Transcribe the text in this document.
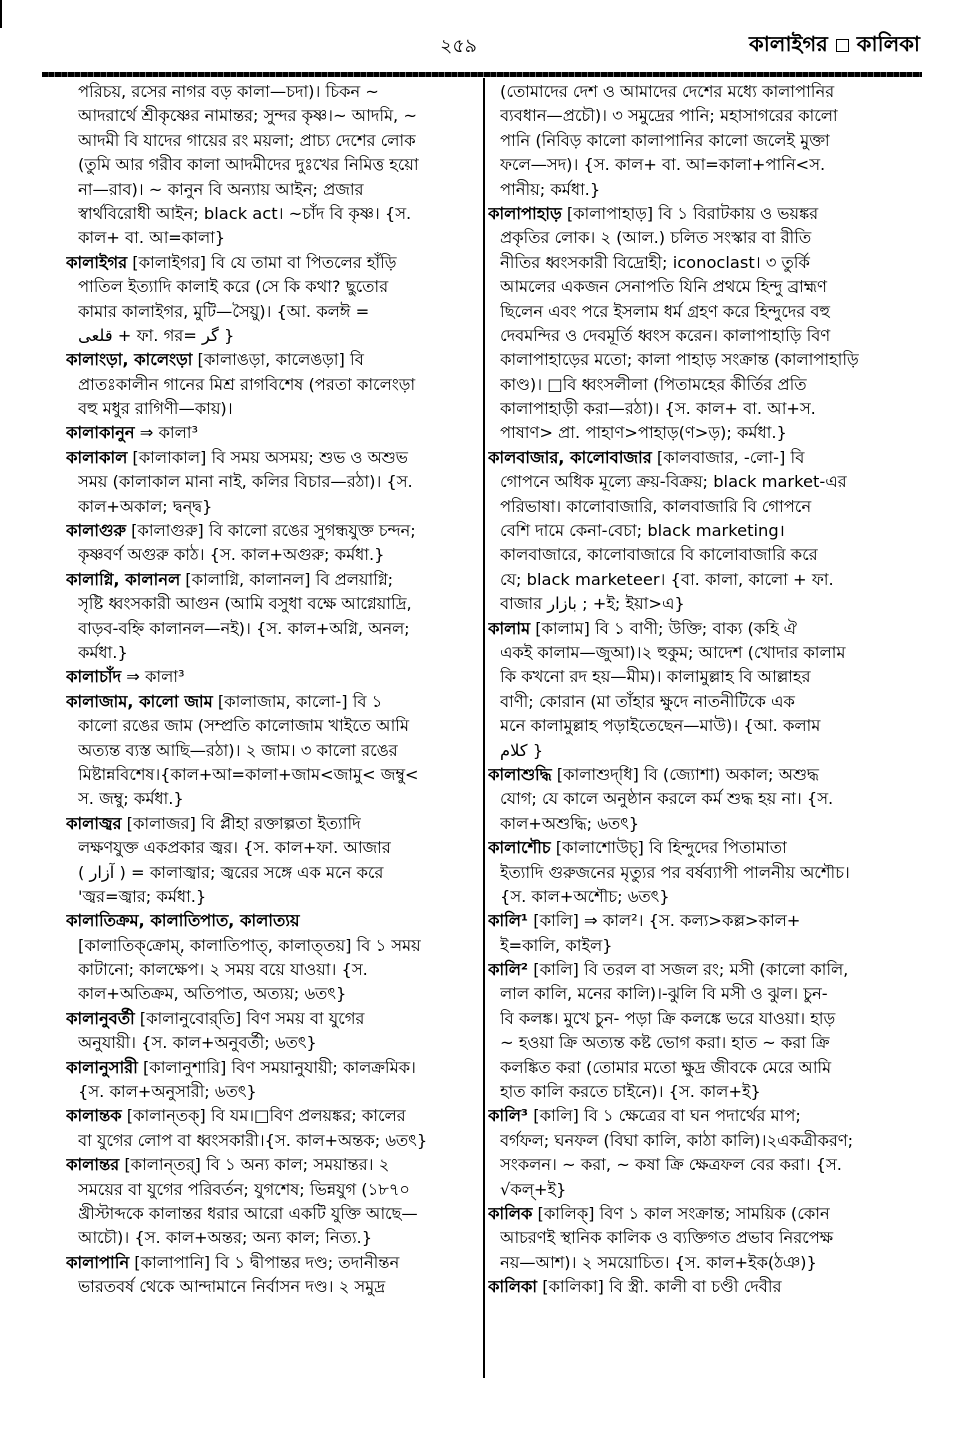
২৫৯	কালাইগর কালিকা
পরিচয়, রসের নাগর বড় কালা—চদা)। চিকন ~
আদরার্থে শ্রীকৃষ্ণের নামান্তর; সুন্দর কৃষ্ণ।~ আদমি, ~
আদমী বি যাদের গায়ের রং ময়লা; প্রাচ্য দেশের লোক
(তুমি আর গরীব কালা আদমীদের দুঃখের নিমিত্ত হয়ো
না—রাব)। ~ কানুন বি অন্যায় আইন; প্রজার
স্বার্থবিরোধী আইন; black act। ~চাঁদ বি কৃষ্ণ। {স.
কাল+ বা. আ=কালা}
কালাইগর [কালাইগর] বি যে তামা বা পিতলের হাঁড়ি
পাতিল ইত্যাদি কালাই করে (সে কি কথা? ছুতোর
কামার কালাইগর, মুটি—সৈয়ু)। {আ. কলঈ =
قلعی + ফা. গর= گر }
কালাংড়া, কালেংড়া [কালাঙড়া, কালেঙড়া] বি
প্রাতঃকালীন গানের মিশ্র রাগবিশেষ (পরতা কালেংড়া
বহু মধুর রাগিণী—কায়)।
কালাকানুন ⇒ কালা³
কালাকাল [কালাকাল] বি সময় অসময়; শুভ ও অশুভ
সময় (কালাকাল মানা নাই, কলির বিচার—রঠা)। {স.
কাল+অকাল; দ্বন্দ্ব}
কালাগুরু [কালাগুরু] বি কালো রঙের সুগন্ধযুক্ত চন্দন;
কৃষ্ণবর্ণ অগুরু কাঠ। {স. কাল+অগুরু; কর্মধা.}
কালাগ্নি, কালানল [কালাগ্নি, কালানল] বি প্রলয়াগ্নি;
সৃষ্টি ধ্বংসকারী আগুন (আমি বসুধা বক্ষে আগ্নেয়াদ্রি,
বাড়ব-বহ্নি কালানল—নই)। {স. কাল+অগ্নি, অনল;
কর্মধা.}
কালাচাঁদ ⇒ কালা³
কালাজাম, কালো জাম [কালাজাম, কালো-] বি ১
কালো রঙের জাম (সম্প্রতি কালোজাম খাইতে আমি
অত্যন্ত ব্যস্ত আছি—রঠা)। ২ জাম। ৩ কালো রঙের
মিষ্টান্নবিশেষ।{কাল+আ=কালা+জাম<জামু< জম্বু<
স. জম্বু; কর্মধা.}
কালাজ্বর [কালাজর] বি প্লীহা রক্তাল্পতা ইত্যাদি
লক্ষণযুক্ত একপ্রকার জ্বর। {স. কাল+ফা. আজার
( آزار ) = কালাজ্বার; জ্বরের সঙ্গে এক মনে করে
'জ্বর=জ্বার; কর্মধা.}
কালাতিক্রম, কালাতিপাত, কালাত্যয়
[কালাতিক্‌ক্রোম্, কালাতিপাত্, কালাত্‌তয়] বি ১ সময়
কাটানো; কালক্ষেপ। ২ সময় বয়ে যাওয়া। {স.
কাল+অতিক্রম, অতিপাত, অত্যয়; ৬তৎ}
কালানুবর্তী [কালানুবোর্‌তি] বিণ সময় বা যুগের
অনুযায়ী। {স. কাল+অনুবর্তী; ৬তৎ}
কালানুসারী [কালানুশারি] বিণ সময়ানুযায়ী; কালক্রমিক।
{স. কাল+অনুসারী; ৬তৎ}
কালান্তক [কালান্‌তক্] বি যম।□বিণ প্রলয়ঙ্কর; কালের
বা যুগের লোপ বা ধ্বংসকারী।{স. কাল+অন্তক; ৬তৎ}
কালান্তর [কালান্‌তর্] বি ১ অন্য কাল; সময়ান্তর। ২
সময়ের বা যুগের পরিবর্তন; যুগশেষ; ভিন্নযুগ (১৮৭০
খ্রীস্টাব্দকে কালান্তর ধরার আরো একটি যুক্তি আছে—
আচৌ)। {স. কাল+অন্তর; অন্য কাল; নিত্য.}
কালাপানি [কালাপানি] বি ১ দ্বীপান্তর দণ্ড; তদানীন্তন
ভারতবর্ষ থেকে আন্দামানে নির্বাসন দণ্ড। ২ সমুদ্র
(তোমাদের দেশ ও আমাদের দেশের মধ্যে কালাপানির
ব্যবধান—প্রচৌ)। ৩ সমুদ্রের পানি; মহাসাগরের কালো
পানি (নিবিড় কালো কালাপানির কালো জলেই মুক্তা
ফলে—সদ)। {স. কাল+ বা. আ=কালা+পানি<স.
পানীয়; কর্মধা.}
কালাপাহাড় [কালাপাহাড়] বি ১ বিরাটকায় ও ভয়ঙ্কর
প্রকৃতির লোক। ২ (আল.) চলিত সংস্কার বা রীতি
নীতির ধ্বংসকারী বিদ্রোহী; iconoclast। ৩ তুর্কি
আমলের একজন সেনাপতি যিনি প্রথমে হিন্দু ব্রাহ্মণ
ছিলেন এবং পরে ইসলাম ধর্ম গ্রহণ করে হিন্দুদের বহু
দেবমন্দির ও দেবমূর্তি ধ্বংস করেন। কালাপাহাড়ি বিণ
কালাপাহাড়ের মতো; কালা পাহাড় সংক্রান্ত (কালাপাহাড়ি
কাণ্ড)। □বি ধ্বংসলীলা (পিতামহের কীর্তির প্রতি
কালাপাহাড়ী করা—রঠা)। {স. কাল+ বা. আ+স.
পাষাণ> প্রা. পাহাণ>পাহাড়(ণ>ড়); কর্মধা.}
কালবাজার, কালোবাজার [কালবাজার, -লো-] বি
গোপনে অধিক মূল্যে ক্রয়-বিক্রয়; black market-এর
পরিভাষা। কালোবাজারি, কালবাজারি বি গোপনে
বেশি দামে কেনা-বেচা; black marketing।
কালবাজারে, কালোবাজারে বি কালোবাজারি করে
যে; black marketeer। {বা. কালা, কালো + ফা.
বাজার بازار ; +ই; ইয়া>এ}
কালাম [কালাম] বি ১ বাণী; উক্তি; বাক্য (কহি ঐ
একই কালাম—জুআ)।২ হুকুম; আদেশ (খোদার কালাম
কি কখনো রদ হয়—মীম)। কালামুল্লাহ বি আল্লাহর
বাণী; কোরান (মা তাঁহার ক্ষুদে নাতনীটিকে এক
মনে কালামুল্লাহ পড়াইতেছেন—মাউ)। {আ. কলাম
كلام }
কালাশুদ্ধি [কালাশুদ্‌ধি] বি (জ্যোশা) অকাল; অশুদ্ধ
যোগ; যে কালে অনুষ্ঠান করলে কর্ম শুদ্ধ হয় না। {স.
কাল+অশুদ্ধি; ৬তৎ}
কালাশৌচ [কালাশোউচ্] বি হিন্দুদের পিতামাতা
ইত্যাদি গুরুজনের মৃত্যুর পর বর্ষব্যাপী পালনীয় অশৌচ।
{স. কাল+অশৌচ; ৬তৎ}
কালি¹ [কালি] ⇒ কাল²। {স. কল্য>কল্ল>কাল+
ই=কালি, কাইল}
কালি² [কালি] বি তরল বা সজল রং; মসী (কালো কালি,
লাল কালি, মনের কালি)।-ঝুলি বি মসী ও ঝুল। চুন-
বি কলঙ্ক। মুখে চুন- পড়া ক্রি কলঙ্কে ভরে যাওয়া। হাড়
~ হওয়া ক্রি অত্যন্ত কষ্ট ভোগ করা। হাত ~ করা ক্রি
কলঙ্কিত করা (তোমার মতো ক্ষুদ্র জীবকে মেরে আমি
হাত কালি করতে চাইনে)। {স. কাল+ই}
কালি³ [কালি] বি ১ ক্ষেত্রের বা ঘন পদার্থের মাপ;
বর্গফল; ঘনফল (বিঘা কালি, কাঠা কালি)।২একত্রীকরণ;
সংকলন। ~ করা, ~ কষা ক্রি ক্ষেত্রফল বের করা। {স.
√কল্+ই}
কালিক [কালিক্] বিণ ১ কাল সংক্রান্ত; সাময়িক (কোন
আচরণই স্থানিক কালিক ও ব্যক্তিগত প্রভাব নিরপেক্ষ
নয়—আশ)। ২ সময়োচিত। {স. কাল+ইক(ঠঞ)}
কালিকা [কালিকা] বি স্ত্রী. কালী বা চণ্ডী দেবীর
